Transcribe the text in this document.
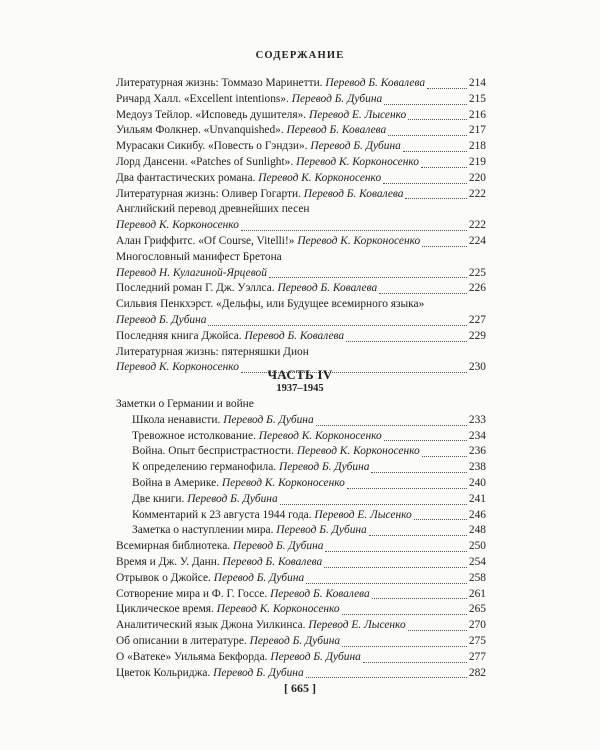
СОДЕРЖАНИЕ
Литературная жизнь: Томмазо Маринетти. Перевод Б. Ковалева	214
Ричард Халл. «Excellent intentions». Перевод Б. Дубина	215
Медоуз Тейлор. «Исповедь душителя». Перевод Е. Лысенко	216
Уильям Фолкнер. «Unvanquished». Перевод Б. Ковалева	217
Мурасаки Сикибу. «Повесть о Гэндзи». Перевод Б. Дубина	218
Лорд Дансени. «Patches of Sunlight». Перевод К. Корконосенко	219
Два фантастических романа. Перевод К. Корконосенко	220
Литературная жизнь: Оливер Гогарти. Перевод Б. Ковалева	222
Английский перевод древнейших песен
Перевод К. Корконосенко	222
Алан Гриффитс. «Of Course, Vitelli!» Перевод К. Корконосенко	224
Многословный манифест Бретона
Перевод Н. Кулагиной-Ярцевой	225
Последний роман Г. Дж. Уэллса. Перевод Б. Ковалева	226
Сильвия Пенкхэрст. «Дельфы, или Будущее всемирного языка»
Перевод Б. Дубина	227
Последняя книга Джойса. Перевод Б. Ковалева	229
Литературная жизнь: пятерняшки Дион
Перевод К. Корконосенко	230
ЧАСТЬ IV
1937–1945
Заметки о Германии и войне
Школа ненависти. Перевод Б. Дубина	233
Тревожное истолкование. Перевод К. Корконосенко	234
Война. Опыт беспристрастности. Перевод К. Корконосенко	236
К определению германофила. Перевод Б. Дубина	238
Война в Америке. Перевод К. Корконосенко	240
Две книги. Перевод Б. Дубина	241
Комментарий к 23 августа 1944 года. Перевод Е. Лысенко	246
Заметка о наступлении мира. Перевод Б. Дубина	248
Всемирная библиотека. Перевод Б. Дубина	250
Время и Дж. У. Данн. Перевод Б. Ковалева	254
Отрывок о Джойсе. Перевод Б. Дубина	258
Сотворение мира и Ф. Г. Госсе. Перевод Б. Ковалева	261
Циклическое время. Перевод К. Корконосенко	265
Аналитический язык Джона Уилкинса. Перевод Е. Лысенко	270
Об описании в литературе. Перевод Б. Дубина	275
О «Ватеке» Уильяма Бекфорда. Перевод Б. Дубина	277
Цветок Кольриджа. Перевод Б. Дубина	282
[ 665 ]
